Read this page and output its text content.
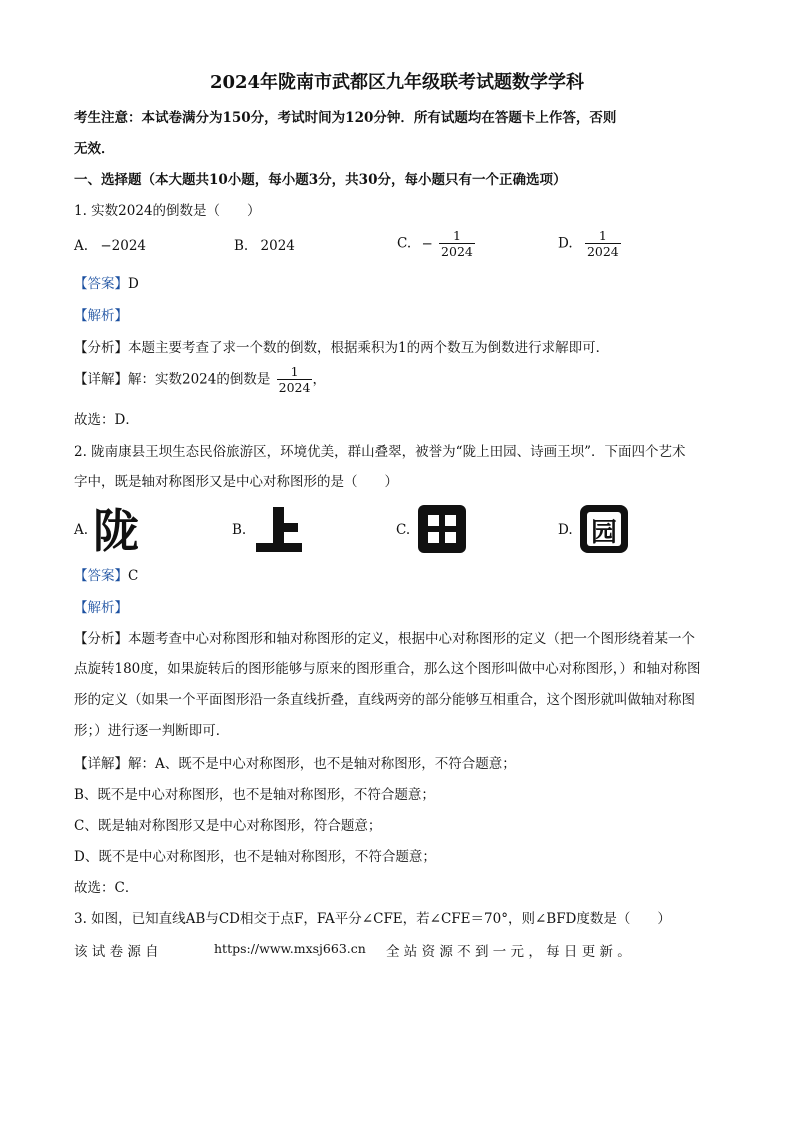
2024年陇南市武都区九年级联考试题数学学科
考生注意：本试卷满分为150分，考试时间为120分钟．所有试题均在答题卡上作答，否则
无效．
一、选择题（本大题共10小题，每小题3分，共30分，每小题只有一个正确选项）
1. 实数2024的倒数是（　　）
A. −2024	B. 2024	C. − $\frac{1}{2024}$	D. $\frac{1}{2024}$
【答案】D
【解析】
【分析】本题主要考查了求一个数的倒数，根据乘积为1的两个数互为倒数进行求解即可．
【详解】解：实数2024的倒数是 $\frac{1}{2024}$ ，
故选：D．
2. 陇南康县王坝生态民俗旅游区，环境优美，群山叠翠，被誉为“陇上田园、诗画王坝”．下面四个艺术
字中，既是轴对称图形又是中心对称图形的是（　　）
A. 陇	B.	C.	D. 园
【答案】C
【解析】
【分析】本题考查中心对称图形和轴对称图形的定义，根据中心对称图形的定义（把一个图形绕着某一个
点旋转180度，如果旋转后的图形能够与原来的图形重合，那么这个图形叫做中心对称图形，）和轴对称图
形的定义（如果一个平面图形沿一条直线折叠，直线两旁的部分能够互相重合，这个图形就叫做轴对称图
形；）进行逐一判断即可．
【详解】解：A、既不是中心对称图形，也不是轴对称图形，不符合题意；
B、既不是中心对称图形，也不是轴对称图形，不符合题意；
C、既是轴对称图形又是中心对称图形，符合题意；
D、既不是中心对称图形，也不是轴对称图形，不符合题意；
故选：C．
3. 如图，已知直线AB与CD相交于点F，FA平分∠CFE，若∠CFE＝70°，则∠BFD度数是（　　）
该 试 卷 源 自	https://www.mxsj663.cn 全 站 资 源 不 到 一 元 ， 每 日 更 新 。
